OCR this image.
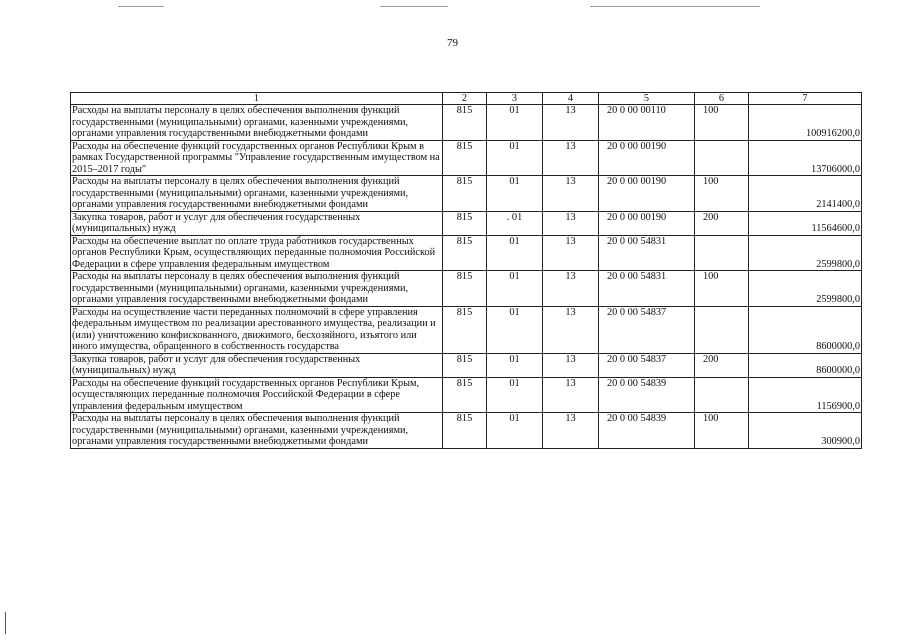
79
1	2	3	4	5	6	7
Расходы на выплаты персоналу в целях обеспечения выполнения функций государственными (муниципальными) органами, казенными учреждениями, органами управления государственными внебюджетными фондами	815	01	13	20 0 00 00110	100	100916200,0
Расходы на обеспечение функций государственных органов Республики Крым в рамках Государственной программы "Управление государственным имуществом на 2015–2017 годы"	815	01	13	20 0 00 00190		13706000,0
Расходы на выплаты персоналу в целях обеспечения выполнения функций государственными (муниципальными) органами, казенными учреждениями, органами управления государственными внебюджетными фондами	815	01	13	20 0 00 00190	100	2141400,0
Закупка товаров, работ и услуг для обеспечения государственных (муниципальных) нужд	815	. 01	13	20 0 00 00190	200	11564600,0
Расходы на обеспечение выплат по оплате труда работников государственных органов Республики Крым, осуществляющих переданные полномочия Российской Федерации в сфере управления федеральным имуществом	815	01	13	20 0 00 54831		2599800,0
Расходы на выплаты персоналу в целях обеспечения выполнения функций государственными (муниципальными) органами, казенными учреждениями, органами управления государственными внебюджетными фондами	815	01	13	20 0 00 54831	100	2599800,0
Расходы на осуществление части переданных полномочий в сфере управления федеральным имуществом по реализации арестованного имущества, реализации и (или) уничтожению конфискованного, движимого, бесхозяйного, изъятого или иного имущества, обращенного в собственность государства	815	01	13	20 0 00 54837		8600000,0
Закупка товаров, работ и услуг для обеспечения государственных (муниципальных) нужд	815	01	13	20 0 00 54837	200	8600000,0
Расходы на обеспечение функций государственных органов Республики Крым, осуществляющих переданные полномочия Российской Федерации в сфере управления федеральным имуществом	815	01	13	20 0 00 54839		1156900,0
Расходы на выплаты персоналу в целях обеспечения выполнения функций государственными (муниципальными) органами, казенными учреждениями, органами управления государственными внебюджетными фондами	815	01	13	20 0 00 54839	100	300900,0
